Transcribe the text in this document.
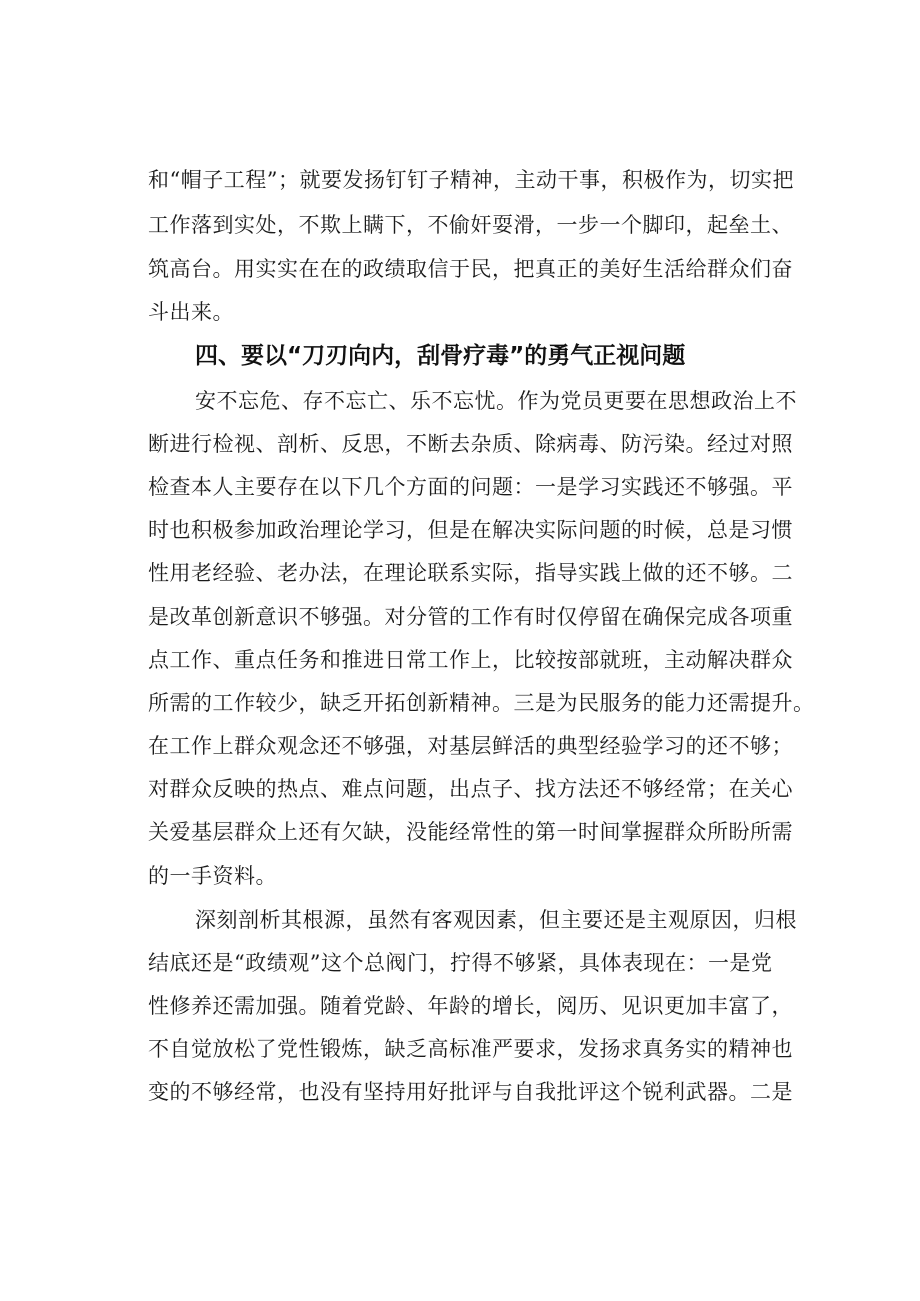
和“帽子工程”；就要发扬钉钉子精神，主动干事，积极作为，切实把
工作落到实处，不欺上瞒下，不偷奸耍滑，一步一个脚印，起垒土、
筑高台。用实实在在的政绩取信于民，把真正的美好生活给群众们奋
斗出来。
四、要以“刀刃向内，刮骨疗毒”的勇气正视问题
安不忘危、存不忘亡、乐不忘忧。作为党员更要在思想政治上不
断进行检视、剖析、反思，不断去杂质、除病毒、防污染。经过对照
检查本人主要存在以下几个方面的问题：一是学习实践还不够强。平
时也积极参加政治理论学习，但是在解决实际问题的时候，总是习惯
性用老经验、老办法，在理论联系实际，指导实践上做的还不够。二
是改革创新意识不够强。对分管的工作有时仅停留在确保完成各项重
点工作、重点任务和推进日常工作上，比较按部就班，主动解决群众
所需的工作较少，缺乏开拓创新精神。三是为民服务的能力还需提升。
在工作上群众观念还不够强，对基层鲜活的典型经验学习的还不够；
对群众反映的热点、难点问题，出点子、找方法还不够经常；在关心
关爱基层群众上还有欠缺，没能经常性的第一时间掌握群众所盼所需
的一手资料。
深刻剖析其根源，虽然有客观因素，但主要还是主观原因，归根
结底还是“政绩观”这个总阀门，拧得不够紧，具体表现在：一是党
性修养还需加强。随着党龄、年龄的增长，阅历、见识更加丰富了，
不自觉放松了党性锻炼，缺乏高标准严要求，发扬求真务实的精神也
变的不够经常，也没有坚持用好批评与自我批评这个锐利武器。二是
